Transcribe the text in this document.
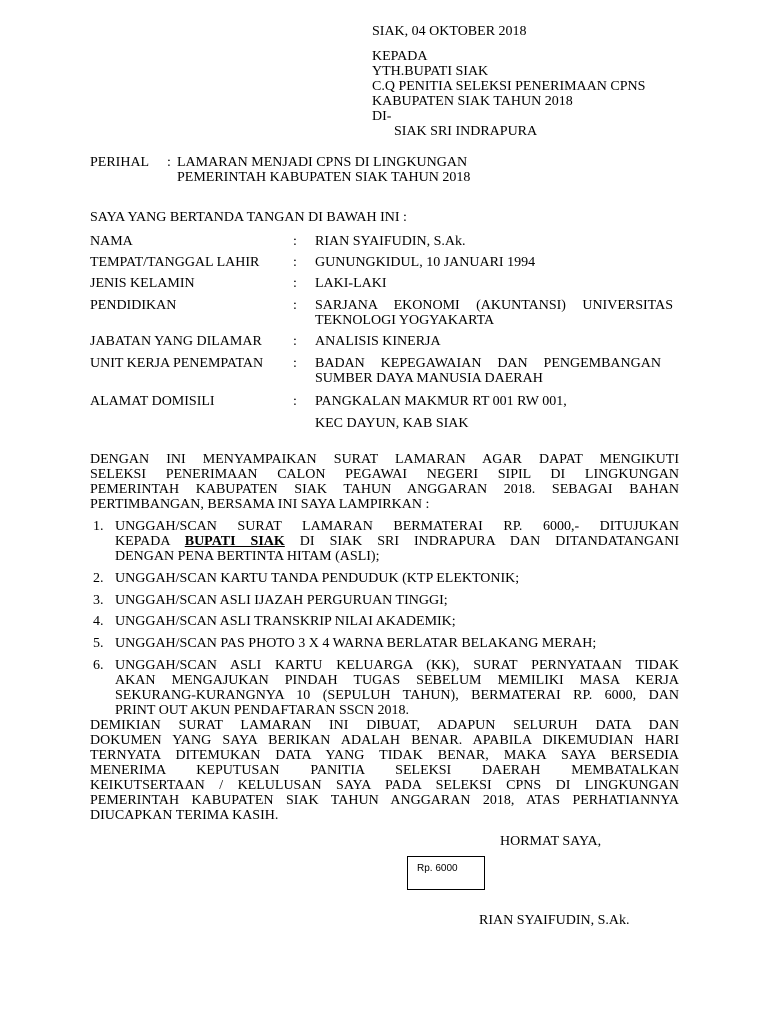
SIAK, 04 OKTOBER 2018
KEPADA
YTH.BUPATI SIAK
C.Q PENITIA SELEKSI PENERIMAAN CPNS
KABUPATEN SIAK TAHUN 2018
DI-
SIAK SRI INDRAPURA
PERIHAL : LAMARAN MENJADI CPNS DI LINGKUNGAN
PEMERINTAH KABUPATEN SIAK TAHUN 2018
SAYA YANG BERTANDA TANGAN DI BAWAH INI :
NAMA	: RIAN SYAIFUDIN, S.Ak.
TEMPAT/TANGGAL LAHIR : GUNUNGKIDUL, 10 JANUARI 1994
JENIS KELAMIN	: LAKI-LAKI
PENDIDIKAN	: SARJANA EKONOMI (AKUNTANSI) UNIVERSITAS
TEKNOLOGI YOGYAKARTA
JABATAN YANG DILAMAR : ANALISIS KINERJA
UNIT KERJA PENEMPATAN : BADAN KEPEGAWAIAN DAN PENGEMBANGAN
SUMBER DAYA MANUSIA DAERAH
ALAMAT DOMISILI	: PANGKALAN MAKMUR RT 001 RW 001,
KEC DAYUN, KAB SIAK
DENGAN INI MENYAMPAIKAN SURAT LAMARAN AGAR DAPAT MENGIKUTI
SELEKSI PENERIMAAN CALON PEGAWAI NEGERI SIPIL DI LINGKUNGAN
PEMERINTAH KABUPATEN SIAK TAHUN ANGGARAN 2018. SEBAGAI BAHAN
PERTIMBANGAN, BERSAMA INI SAYA LAMPIRKAN :
1. UNGGAH/SCAN SURAT LAMARAN BERMATERAI RP. 6000,- DITUJUKAN
KEPADA BUPATI SIAK DI SIAK SRI INDRAPURA DAN DITANDATANGANI
DENGAN PENA BERTINTA HITAM (ASLI);
2. UNGGAH/SCAN KARTU TANDA PENDUDUK (KTP ELEKTONIK;
3. UNGGAH/SCAN ASLI IJAZAH PERGURUAN TINGGI;
4. UNGGAH/SCAN ASLI TRANSKRIP NILAI AKADEMIK;
5. UNGGAH/SCAN PAS PHOTO 3 X 4 WARNA BERLATAR BELAKANG MERAH;
6. UNGGAH/SCAN ASLI KARTU KELUARGA (KK), SURAT PERNYATAAN TIDAK
AKAN MENGAJUKAN PINDAH TUGAS SEBELUM MEMILIKI MASA KERJA
SEKURANG-KURANGNYA 10 (SEPULUH TAHUN), BERMATERAI RP. 6000, DAN
PRINT OUT AKUN PENDAFTARAN SSCN 2018.
DEMIKIAN SURAT LAMARAN INI DIBUAT, ADAPUN SELURUH DATA DAN
DOKUMEN YANG SAYA BERIKAN ADALAH BENAR. APABILA DIKEMUDIAN HARI
TERNYATA DITEMUKAN DATA YANG TIDAK BENAR, MAKA SAYA BERSEDIA
MENERIMA KEPUTUSAN PANITIA SELEKSI DAERAH MEMBATALKAN
KEIKUTSERTAAN / KELULUSAN SAYA PADA SELEKSI CPNS DI LINGKUNGAN
PEMERINTAH KABUPATEN SIAK TAHUN ANGGARAN 2018, ATAS PERHATIANNYA
DIUCAPKAN TERIMA KASIH.
HORMAT SAYA,
Rp. 6000
RIAN SYAIFUDIN, S.Ak.
